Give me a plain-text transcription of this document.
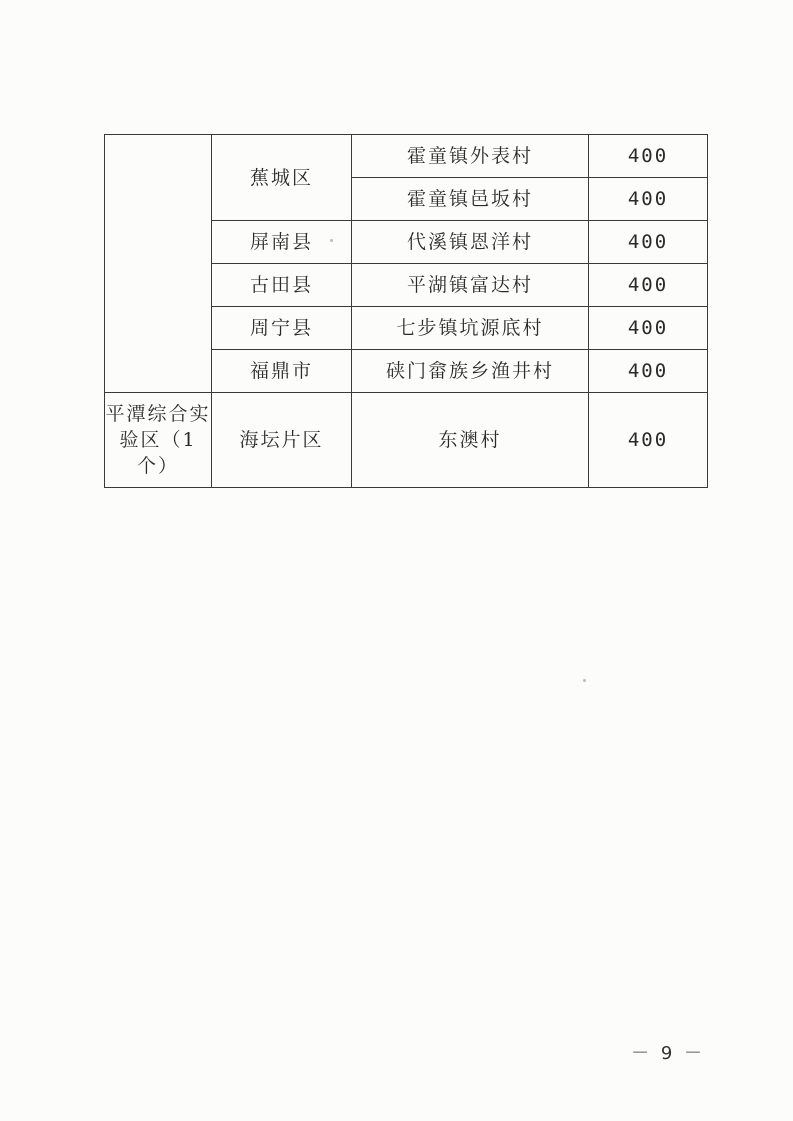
	蕉城区	霍童镇外表村	400
		霍童镇邑坂村	400
	屏南县	代溪镇恩洋村	400
	古田县	平湖镇富达村	400
	周宁县	七步镇坑源底村	400
	福鼎市	硖门畲族乡渔井村	400
平潭综合实验区（1个）	海坛片区	东澳村	400
－ 9 －
